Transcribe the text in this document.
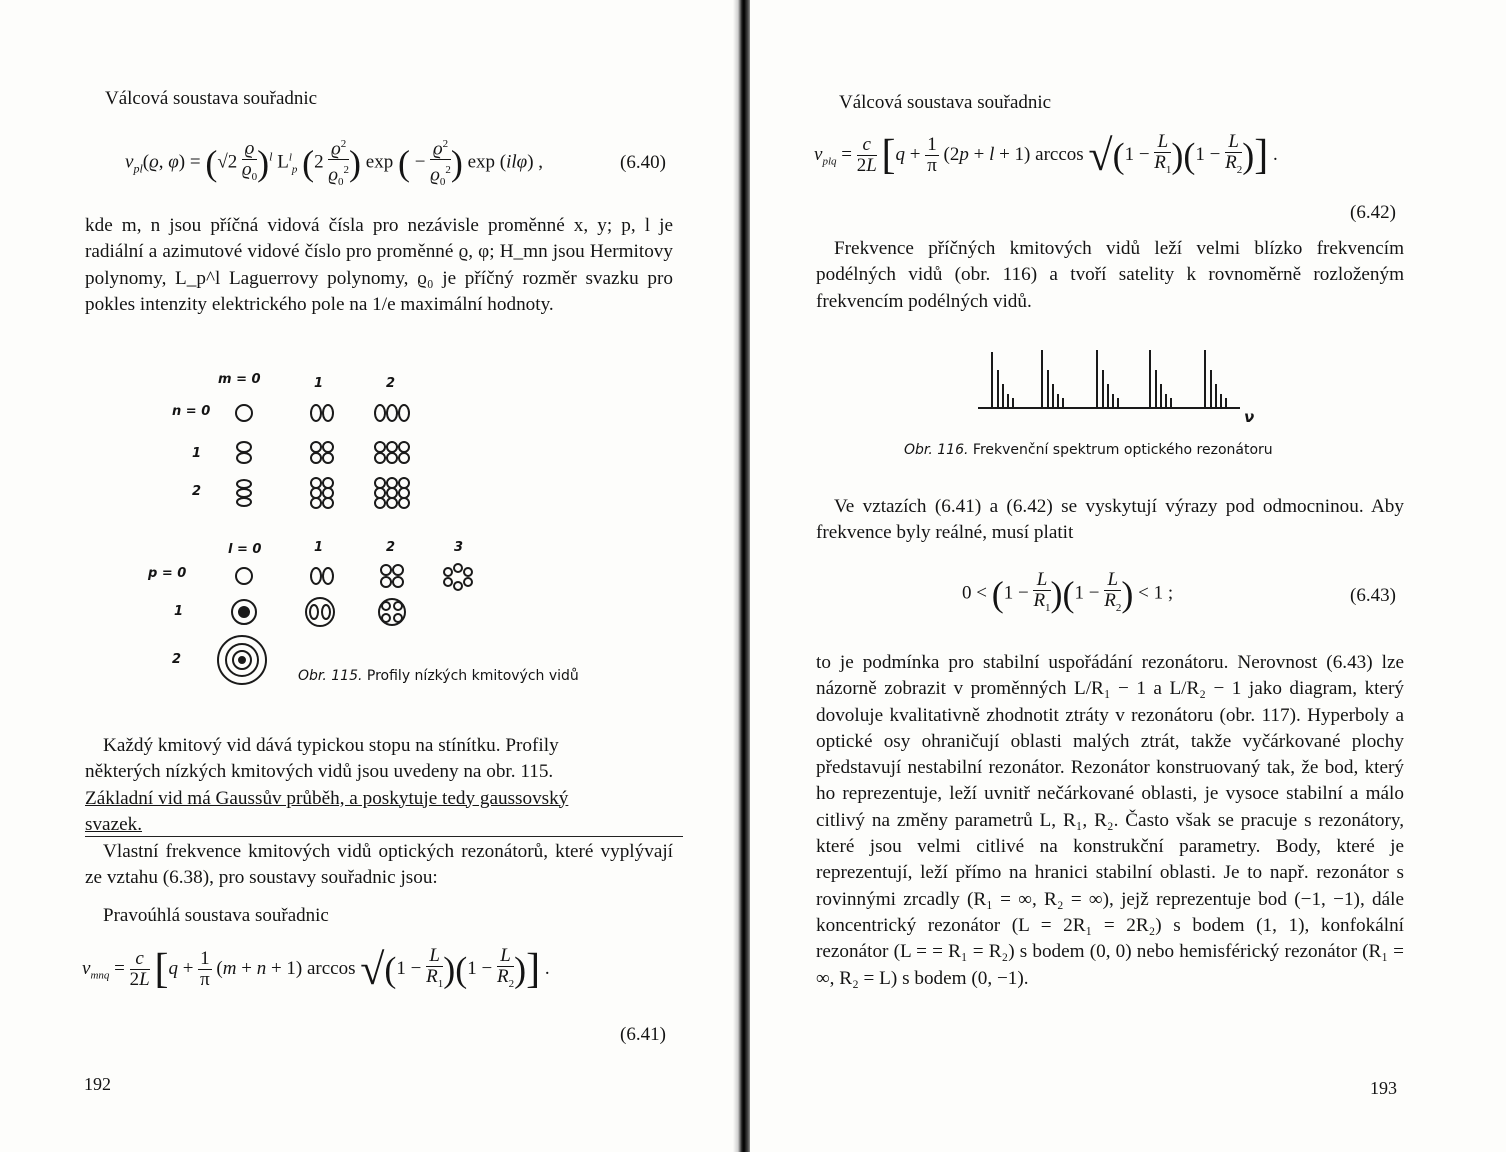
Válcová soustava souřadnic
$v_{pl}(ϱ$, $\varphi) = (√2 \frac{ϱ}{ϱ_0} )^l$ $L^l_p$ ($2 \frac{ϱ^2}{ϱ_0^2}$ ) exp ( − $\frac{ϱ^2}{ϱ_0^2}$ ) exp (ilφ) ,	(6.40)
kde m, n jsou příčná vidová čísla pro nezávisle proměnné x, y; p, l je radiální a azimutové vidové číslo pro proměnné ϱ, φ; H_mn jsou Hermitovy polynomy, L_p^l Laguerrovy polynomy, ϱ₀ je příčný rozměr svazku pro pokles intenzity elektrického pole na 1/e maximální hodnoty.
m = 0	1	2
n = 0
1
2
l = 0	1	2	3
p = 0
1
2
Obr. 115. Profily nízkých kmitových vidů

Každý kmitový vid dává typickou stopu na stínítku. Profily

některých nízkých kmitových vidů jsou uvedeny na obr. 115.

Základní vid má Gaussův průběh, a poskytuje tedy gaussovský

svazek.

Vlastní frekvence kmitových vidů optických rezonátorů, které vyplývají ze vztahu (6.38), pro soustavy souřadnic jsou:
Pravoúhlá soustava souřadnic
$v_{mnq} = \frac{c}{2L} [q + \frac{1}{\pi} (m + n + 1)$ $\arccos √(1 - \frac{L}{R_1} )(1 - \frac{L}{R_2}$ )] .
(6.41)
192
Válcová soustava souřadnic
$v_{plq} = \frac{c}{2L} [q + \frac{1}{\pi} (2p + l + 1)$ $\arccos √(1 - \frac{L}{R_1} )(1 - \frac{L}{R_2}$ )] .
(6.42)
Frekvence příčných kmitových vidů leží velmi blízko frekvencím podélných vidů (obr. 116) a tvoří satelity k rovnoměrně rozloženým frekvencím podélných vidů.
ν
Obr. 116. Frekvenční spektrum optického rezonátoru
Ve vztazích (6.41) a (6.42) se vyskytují výrazy pod odmocninou. Aby frekvence byly reálné, musí platit
$0 < (1 - \frac{L}{R_1} )(1 - \frac{L}{R_2}$ ) < 1 ;	(6.43)
to je podmínka pro stabilní uspořádání rezonátoru. Nerovnost (6.43) lze názorně zobrazit v proměnných L/R₁ − 1 a L/R₂ − 1 jako diagram, který dovoluje kvalitativně zhodnotit ztráty v rezonátoru (obr. 117). Hyperboly a optické osy ohraničují oblasti malých ztrát, takže vyčárkované plochy představují nestabilní rezonátor. Rezonátor konstruovaný tak, že bod, který ho reprezentuje, leží uvnitř nečárkované oblasti, je vysoce stabilní a málo citlivý na změny parametrů L, R₁, R₂. Často však se pracuje s rezonátory, které jsou velmi citlivé na konstrukční parametry. Body, které je reprezentují, leží přímo na hranici stabilní oblasti. Je to např. rezonátor s rovinnými zrcadly (R₁ = ∞, R₂ = ∞), jejž reprezentuje bod (−1, −1), dále koncentrický rezonátor (L = 2R₁ = 2R₂) s bodem (1, 1), konfokální rezonátor (L = = R₁ = R₂) s bodem (0, 0) nebo hemisférický rezonátor (R₁ = ∞, R₂ = L) s bodem (0, −1).
193
